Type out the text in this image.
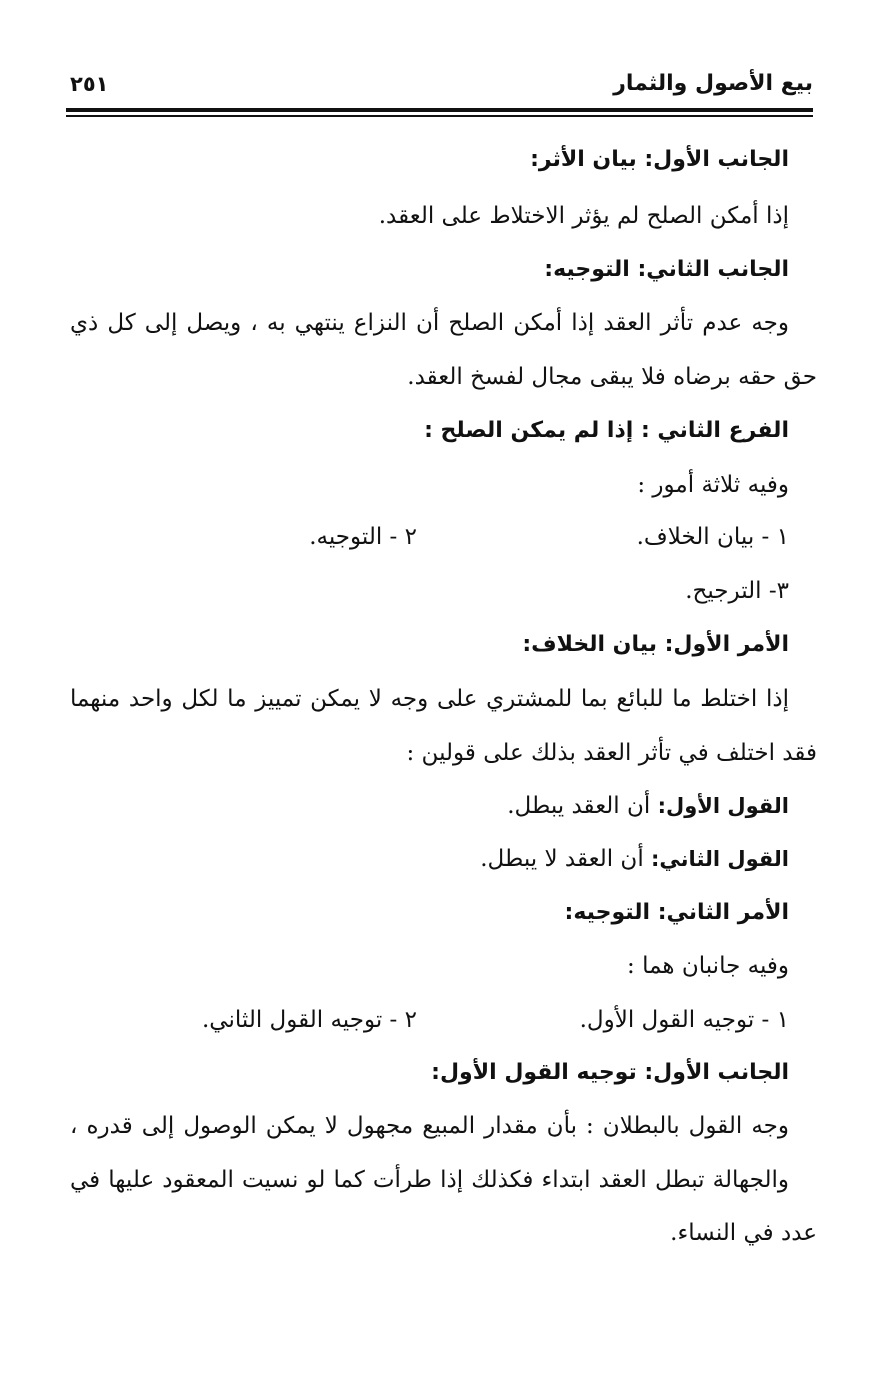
بيع الأصول والثمار
٢٥١
الجانب الأول: بيان الأثر:
إذا أمكن الصلح لم يؤثر الاختلاط على العقد.
الجانب الثاني: التوجيه:
وجه عدم تأثر العقد إذا أمكن الصلح أن النزاع ينتهي به ، ويصل إلى كل ذي
حق حقه برضاه فلا يبقى مجال لفسخ العقد.
الفرع الثاني : إذا لم يمكن الصلح :
وفيه ثلاثة أمور :
١ - بيان الخلاف.
٢ - التوجيه.
٣- الترجيح.
الأمر الأول: بيان الخلاف:
إذا اختلط ما للبائع بما للمشتري على وجه لا يمكن تمييز ما لكل واحد منهما
فقد اختلف في تأثر العقد بذلك على قولين :
القول الأول: أن العقد يبطل.
القول الثاني: أن العقد لا يبطل.
الأمر الثاني: التوجيه:
وفيه جانبان هما :
١ - توجيه القول الأول.
٢ - توجيه القول الثاني.
الجانب الأول: توجيه القول الأول:
وجه القول بالبطلان : بأن مقدار المبيع مجهول لا يمكن الوصول إلى قدره ،
والجهالة تبطل العقد ابتداء فكذلك إذا طرأت كما لو نسيت المعقود عليها في
عدد في النساء.
